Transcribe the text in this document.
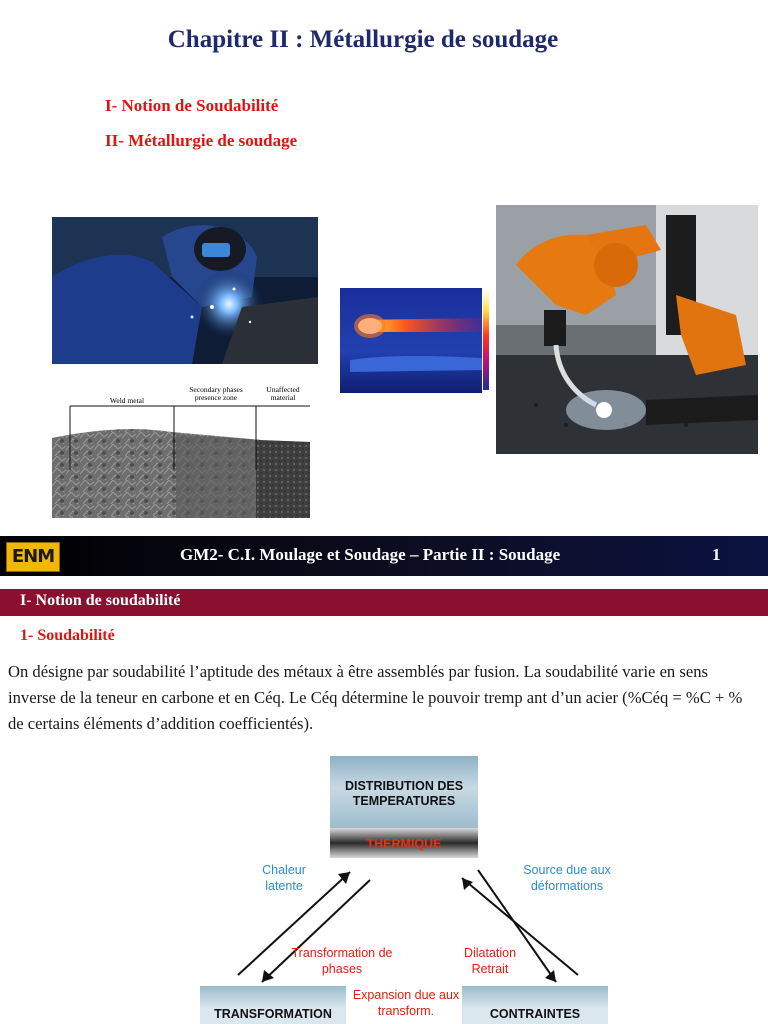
Chapitre II : Métallurgie de soudage
I- Notion de Soudabilité
II- Métallurgie de soudage
x100
Weld metal
Secondary phases presence zone
Unaffected material
ENM	GM2- C.I. Moulage et Soudage – Partie II : Soudage	1
I- Notion de soudabilité
1- Soudabilité
On désigne par soudabilité l’aptitude des métaux à être assemblés par fusion. La soudabilité varie en sens inverse de la teneur en carbone et en Céq. Le Céq détermine le pouvoir tremp ant d’un acier (%Céq = %C + % de certains éléments d’addition coefficientés).
DISTRIBUTION DES TEMPERATURES
THERMIQUE
TRANSFORMATION	CONTRAINTES
Chaleur latente
Source due aux déformations
Transformation de phases
Dilatation Retrait
Expansion due aux transform.
